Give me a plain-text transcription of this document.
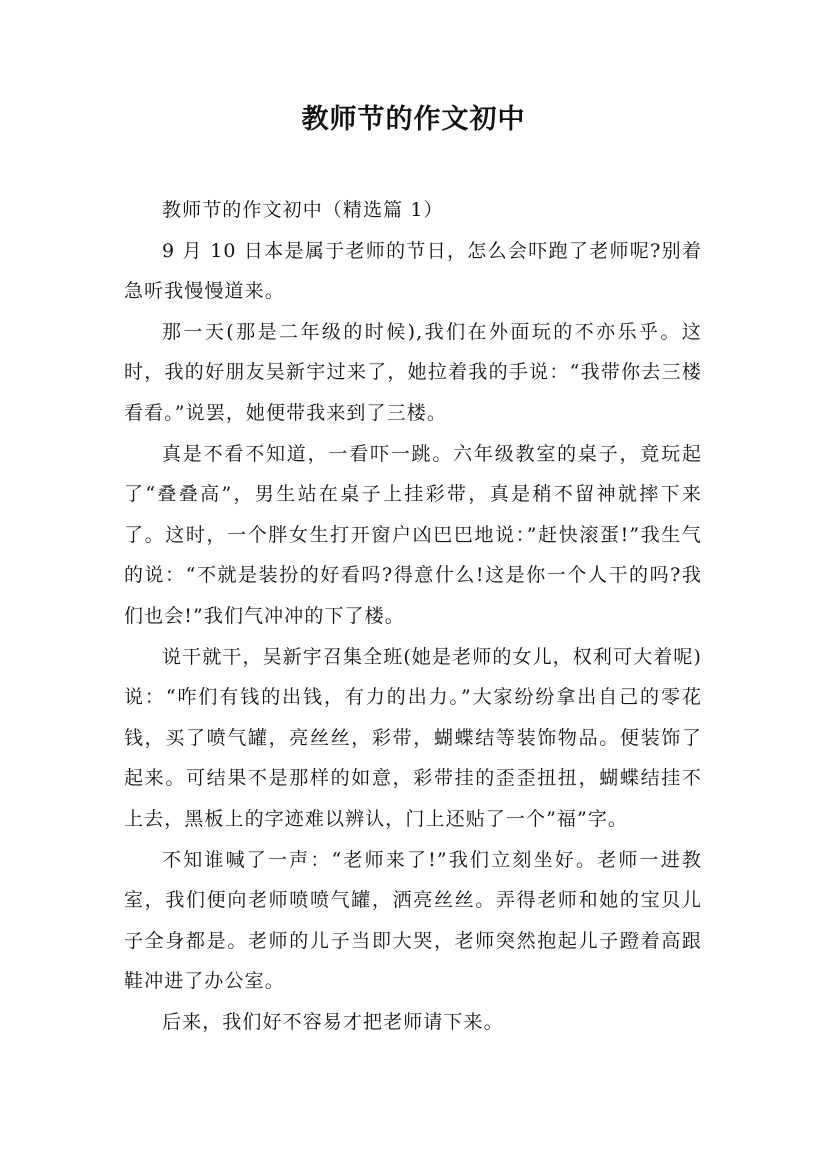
教师节的作文初中

教师节的作文初中（精选篇 1）

9 月 10 日本是属于老师的节日，怎么会吓跑了老师呢?别着急听我慢慢道来。

那一天(那是二年级的时候),我们在外面玩的不亦乐乎。这时，我的好朋友吴新宇过来了，她拉着我的手说：“我带你去三楼看看。”说罢，她便带我来到了三楼。

真是不看不知道，一看吓一跳。六年级教室的桌子，竟玩起了“叠叠高”，男生站在桌子上挂彩带，真是稍不留神就摔下来了。这时，一个胖女生打开窗户凶巴巴地说：”赶快滚蛋!”我生气的说：“不就是装扮的好看吗?得意什么!这是你一个人干的吗?我们也会!”我们气冲冲的下了楼。

说干就干，吴新宇召集全班(她是老师的女儿，权利可大着呢)说：“咋们有钱的出钱，有力的出力。”大家纷纷拿出自己的零花钱，买了喷气罐，亮丝丝，彩带，蝴蝶结等装饰物品。便装饰了起来。可结果不是那样的如意，彩带挂的歪歪扭扭，蝴蝶结挂不上去，黑板上的字迹难以辨认，门上还贴了一个”福”字。

不知谁喊了一声：“老师来了!”我们立刻坐好。老师一进教室，我们便向老师喷喷气罐，洒亮丝丝。弄得老师和她的宝贝儿子全身都是。老师的儿子当即大哭，老师突然抱起儿子蹬着高跟鞋冲进了办公室。

后来，我们好不容易才把老师请下来。
